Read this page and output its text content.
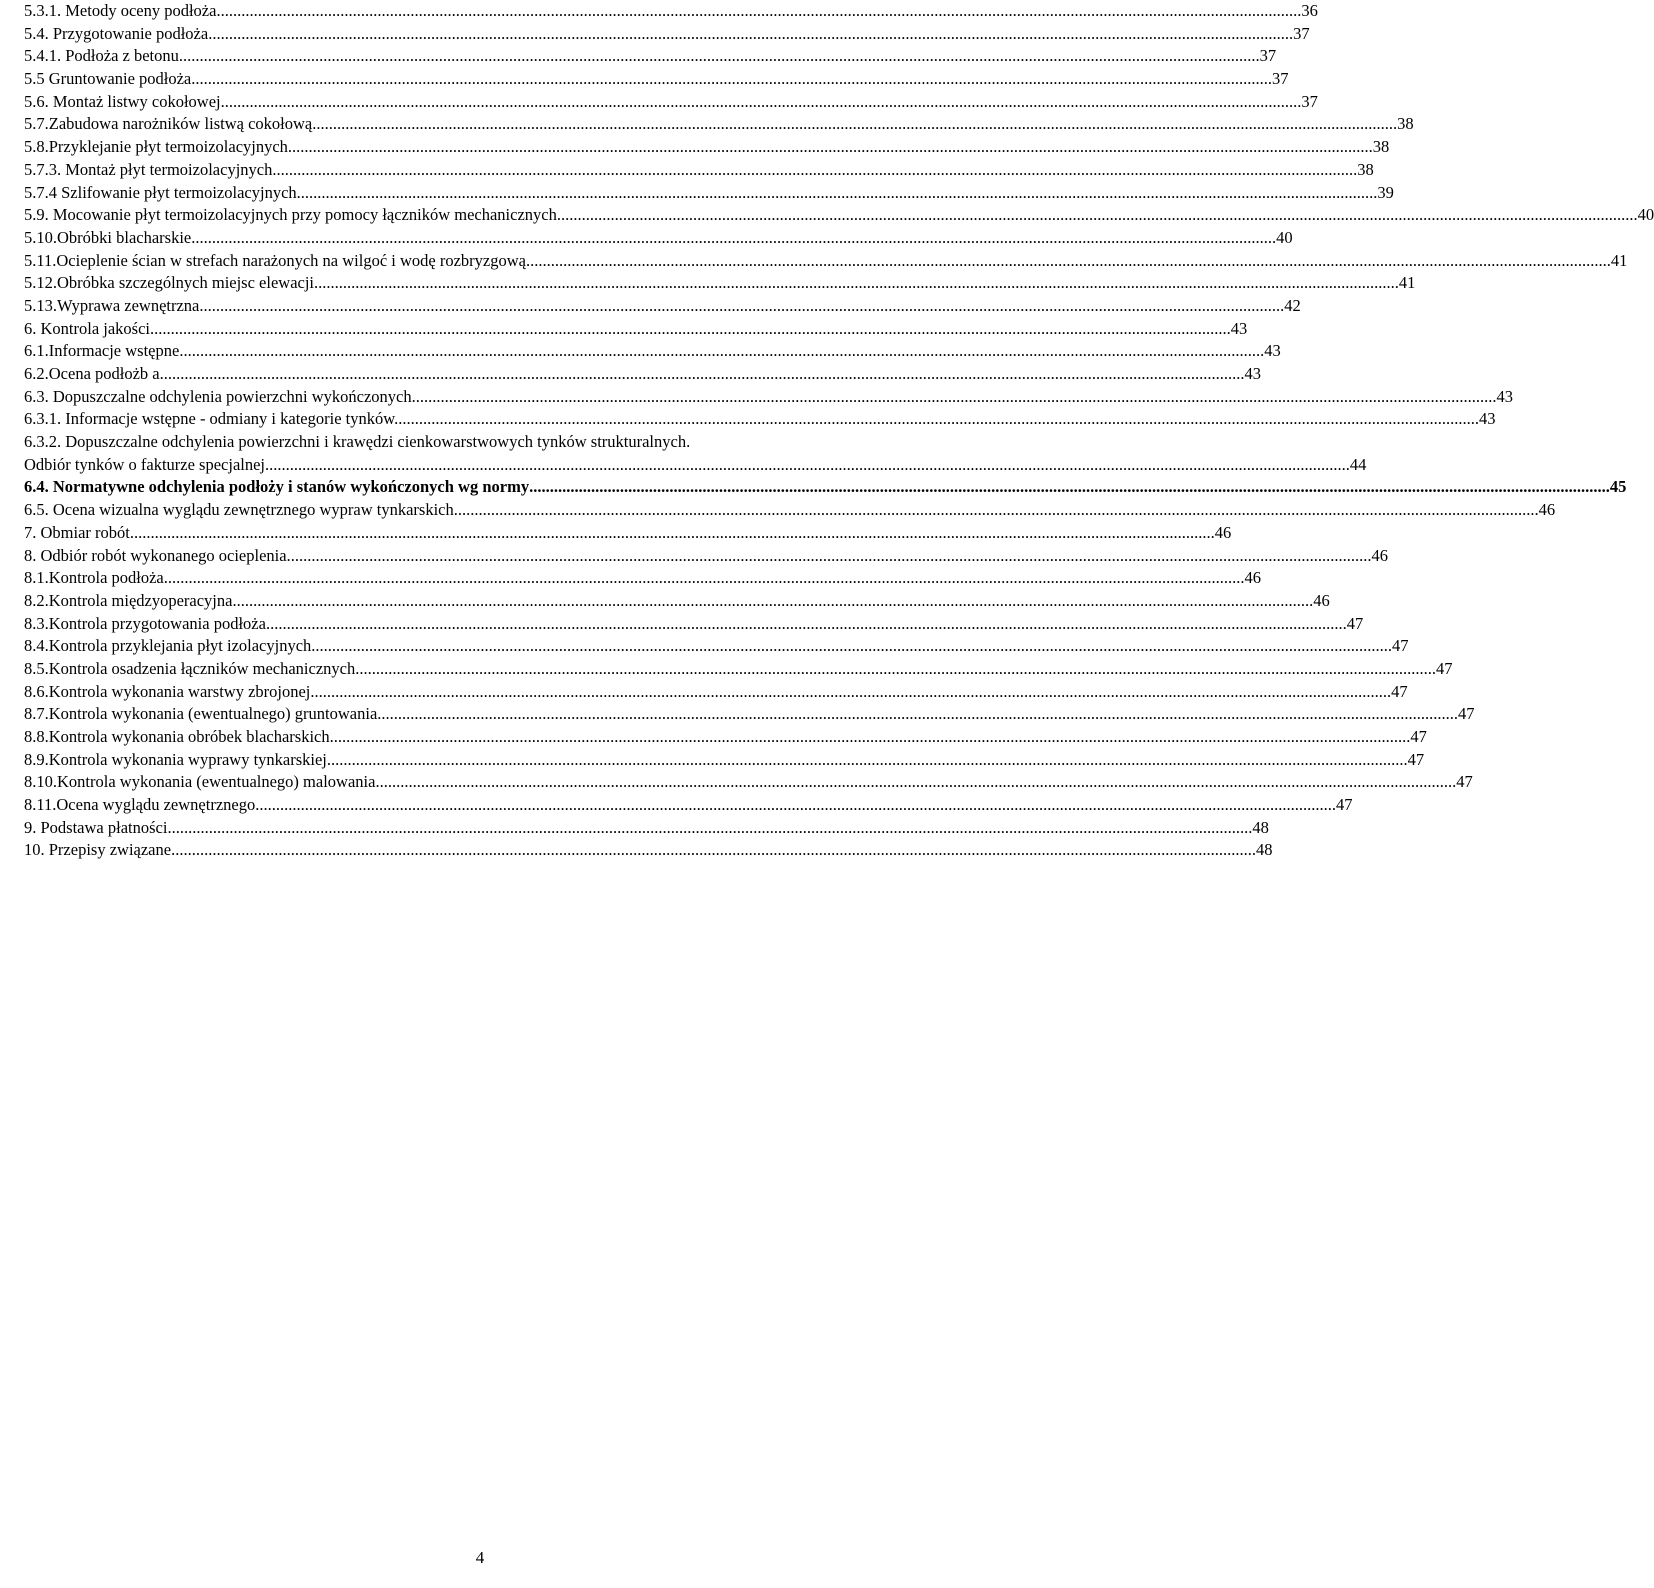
5.3.1. Metody oceny podłoża. .....	36
5.4. Przygotowanie podłoża. .....	37
5.4.1. Podłoża z betonu .....	37
5.5 Gruntowanie podłoża .....	37
5.6. Montaż listwy cokołowej .....	37
5.7.Zabudowa narożników listwą cokołową. .....	38
5.8.Przyklejanie płyt termoizolacyjnych. .....	38
5.7.3. Montaż płyt termoizolacyjnych. .....	38
5.7.4 Szlifowanie płyt termoizolacyjnych .....	39
5.9. Mocowanie płyt termoizolacyjnych przy pomocy łączników mechanicznych .....	40
5.10.Obróbki blacharskie. .....	40
5.11.Ocieplenie ścian w strefach narażonych na wilgoć i wodę rozbryzgową. .....	41
5.12.Obróbka szczególnych miejsc elewacji. .....	41
5.13.Wyprawa zewnętrzna. .....	42
6. Kontrola jakości .....	43
6.1.Informacje wstępne. .....	43
6.2.Ocena podłożb a. .....	43
6.3. Dopuszczalne odchylenia powierzchni wykończonych. .....	43
6.3.1. Informacje wstępne - odmiany i kategorie tynków. .....	43
6.3.2. Dopuszczalne odchylenia powierzchni i krawędzi cienkowarstwowych tynków strukturalnych.
Odbiór tynków o fakturze specjalnej. .....	44
6.4. Normatywne odchylenia podłoży i stanów wykończonych wg normy .....	45
6.5. Ocena wizualna wyglądu zewnętrznego wypraw tynkarskich. .....	46
7. Obmiar robót. .....	46
8. Odbiór robót wykonanego ocieplenia. .....	46
8.1. Kontrola podłoża .....	46
8.2. Kontrola międzyoperacyjna .....	46
8.3. Kontrola przygotowania podłoża .....	47
8.4. Kontrola przyklejania płyt izolacyjnych .....	47
8.5. Kontrola osadzenia łączników mechanicznych .....	47
8.6. Kontrola wykonania warstwy zbrojonej .....	47
8.7. Kontrola wykonania (ewentualnego) gruntowania .....	47
8.8. Kontrola wykonania obróbek blacharskich .....	47
8.9. Kontrola wykonania wyprawy tynkarskiej .....	47
8.10. Kontrola wykonania (ewentualnego) malowania .....	47
8.11. Ocena wyglądu zewnętrznego .....	47
9. Podstawa płatności. .....	48
10. Przepisy związane. .....	48
4
